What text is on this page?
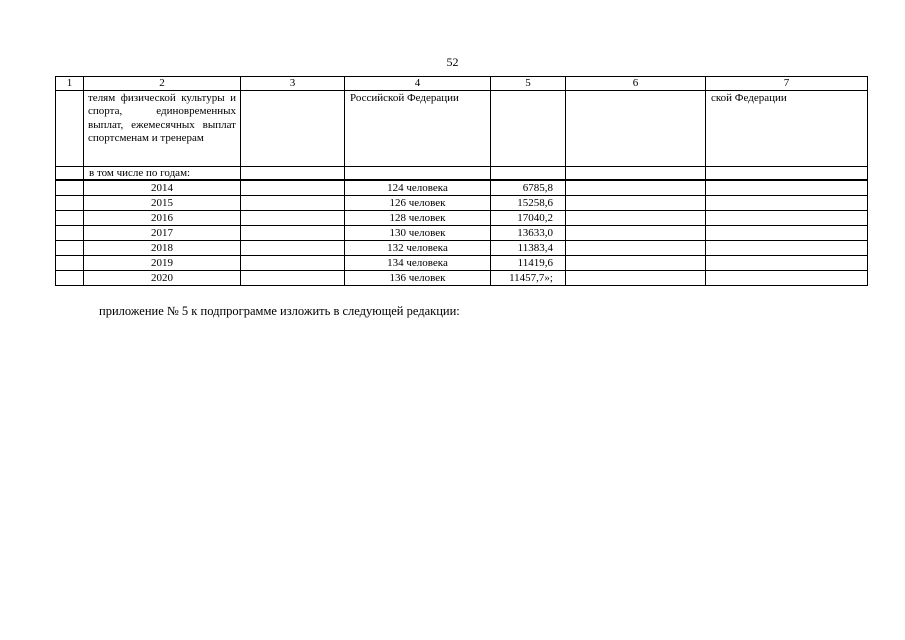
52
1	2	3	4	5	6	7
	телям физической культуры и спорта, единовременных выплат, ежемесячных выплат спортсменам и тренерам		Российской Федерации			ской Федерации
	в том числе по годам:					
	2014		124 человека	6785,8		
	2015		126 человек	15258,6		
	2016		128 человек	17040,2		
	2017		130 человек	13633,0		
	2018		132 человека	11383,4		
	2019		134 человека	11419,6		
	2020		136 человек	11457,7»;		
приложение № 5 к подпрограмме изложить в следующей редакции:
